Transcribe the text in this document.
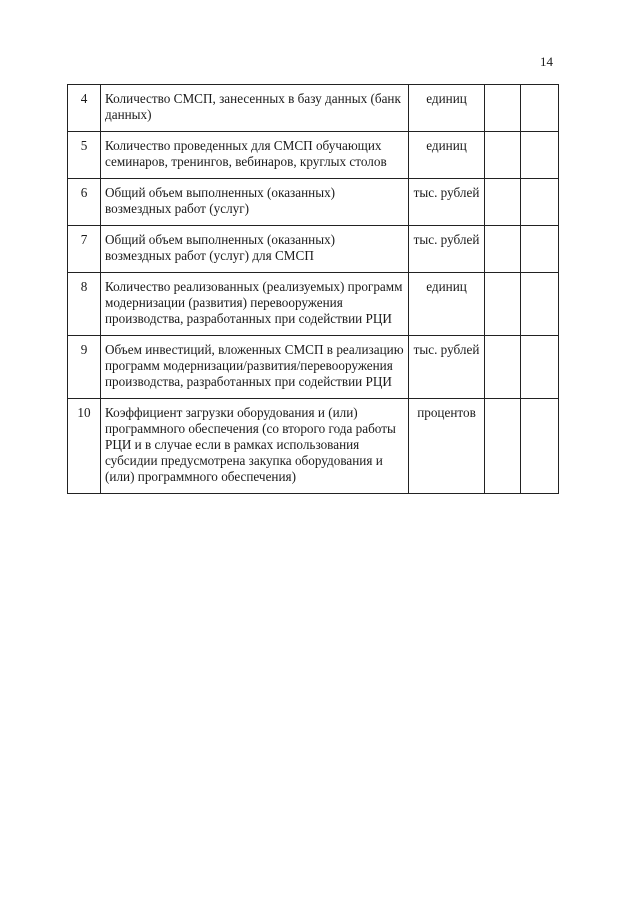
14
4	Количество СМСП, занесенных в базу данных (банк данных)	единиц		
5	Количество проведенных для СМСП обучающих семинаров, тренингов, вебинаров, круглых столов	единиц		
6	Общий объем выполненных (оказанных) возмездных работ (услуг)	тыс. рублей		
7	Общий объем выполненных (оказанных) возмездных работ (услуг) для СМСП	тыс. рублей		
8	Количество реализованных (реализуемых) программ модернизации (развития) перевооружения производства, разработанных при содействии РЦИ	единиц		
9	Объем инвестиций, вложенных СМСП в реализацию программ модернизации/развития/перевооружения производства, разработанных при содействии РЦИ	тыс. рублей		
10	Коэффициент загрузки оборудования и (или) программного обеспечения (со второго года работы РЦИ и в случае если в рамках использования субсидии предусмотрена закупка оборудования и (или) программного обеспечения)	процентов		
